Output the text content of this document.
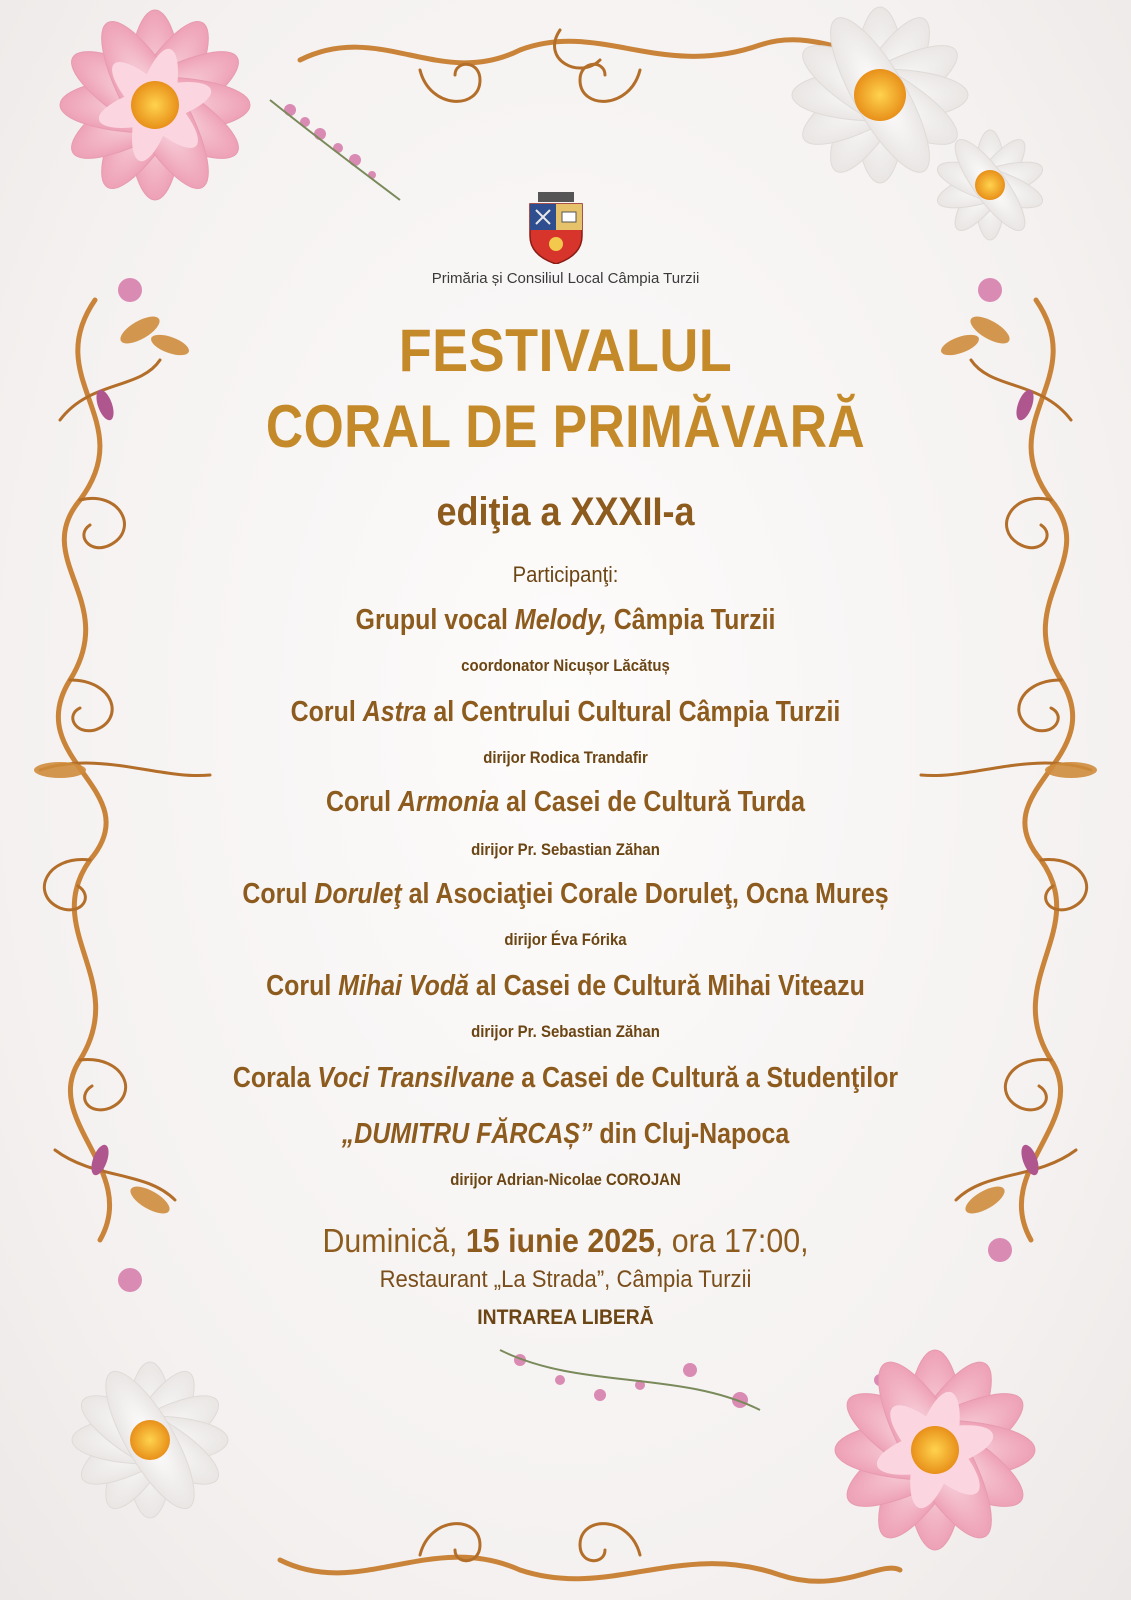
Primăria și Consiliul Local Câmpia Turzii
FESTIVALUL
CORAL DE PRIMĂVARĂ
ediţia a XXXII-a
Participanţi:
Grupul vocal Melody, Câmpia Turzii
coordonator Nicușor Lăcătuș
Corul Astra al Centrului Cultural Câmpia Turzii
dirijor Rodica Trandafir
Corul Armonia al Casei de Cultură Turda
dirijor Pr. Sebastian Zăhan
Corul Doruleţ al Asociaţiei Corale Doruleţ, Ocna Mureș
dirijor Éva Fórika
Corul Mihai Vodă al Casei de Cultură Mihai Viteazu
dirijor Pr. Sebastian Zăhan
Corala Voci Transilvane a Casei de Cultură a Studenţilor
„DUMITRU FĂRCAȘ” din Cluj-Napoca
dirijor Adrian-Nicolae COROJAN
Duminică, 15 iunie 2025, ora 17:00,
Restaurant „La Strada”, Câmpia Turzii
INTRAREA LIBERĂ
